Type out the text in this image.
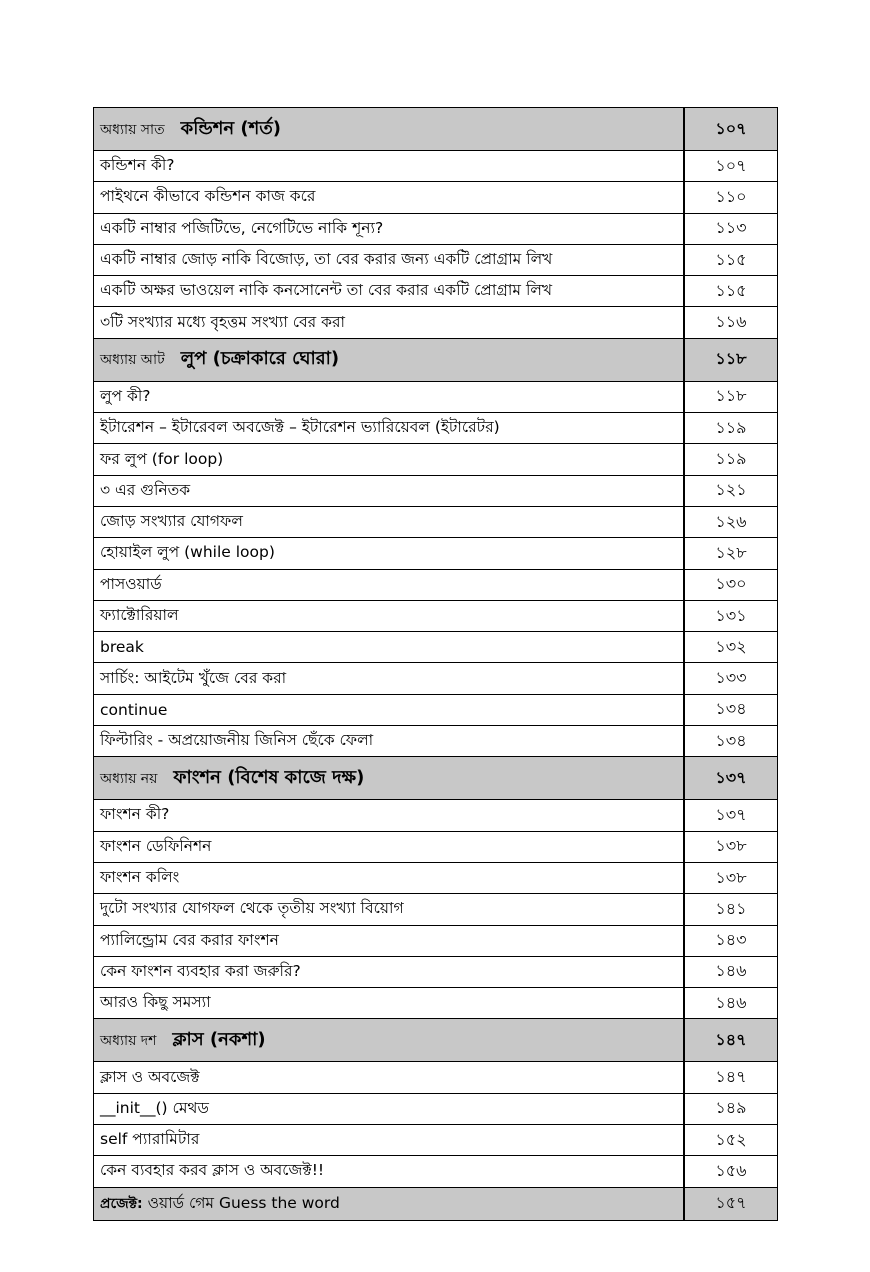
অধ্যায় সাত কন্ডিশন (শর্ত)	১০৭
কন্ডিশন কী?	১০৭
পাইথনে কীভাবে কন্ডিশন কাজ করে	১১০
একটি নাম্বার পজিটিভে, নেগেটিভে নাকি শূন্য?	১১৩
একটি নাম্বার জোড় নাকি বিজোড়, তা বের করার জন্য একটি প্রোগ্রাম লিখ	১১৫
একটি অক্ষর ভাওয়েল নাকি কনসোনেন্ট তা বের করার একটি প্রোগ্রাম লিখ	১১৫
৩টি সংখ্যার মধ্যে বৃহত্তম সংখ্যা বের করা	১১৬
অধ্যায় আট লুপ (চক্রাকারে ঘোরা)	১১৮
লুপ কী?	১১৮
ইটারেশন – ইটারেবল অবজেক্ট – ইটারেশন ভ্যারিয়েবল (ইটারেটর)	১১৯
ফর লুপ (for loop)	১১৯
৩ এর গুনিতক	১২১
জোড় সংখ্যার যোগফল	১২৬
হোয়াইল লুপ (while loop)	১২৮
পাসওয়ার্ড	১৩০
ফ্যাক্টোরিয়াল	১৩১
break	১৩২
সার্চিং: আইটেম খুঁজে বের করা	১৩৩
continue	১৩৪
ফিল্টারিং - অপ্রয়োজনীয় জিনিস ছেঁকে ফেলা	১৩৪
অধ্যায় নয় ফাংশন (বিশেষ কাজে দক্ষ)	১৩৭
ফাংশন কী?	১৩৭
ফাংশন ডেফিনিশন	১৩৮
ফাংশন কলিং	১৩৮
দুটো সংখ্যার যোগফল থেকে তৃতীয় সংখ্যা বিয়োগ	১৪১
প্যালিন্ড্রোম বের করার ফাংশন	১৪৩
কেন ফাংশন ব্যবহার করা জরুরি?	১৪৬
আরও কিছু সমস্যা	১৪৬
অধ্যায় দশ ক্লাস (নকশা)	১৪৭
ক্লাস ও অবজেক্ট	১৪৭
__init__() মেথড	১৪৯
self প্যারামিটার	১৫২
কেন ব্যবহার করব ক্লাস ও অবজেক্ট!!	১৫৬
প্রজেক্ট: ওয়ার্ড গেম Guess the word	১৫৭
